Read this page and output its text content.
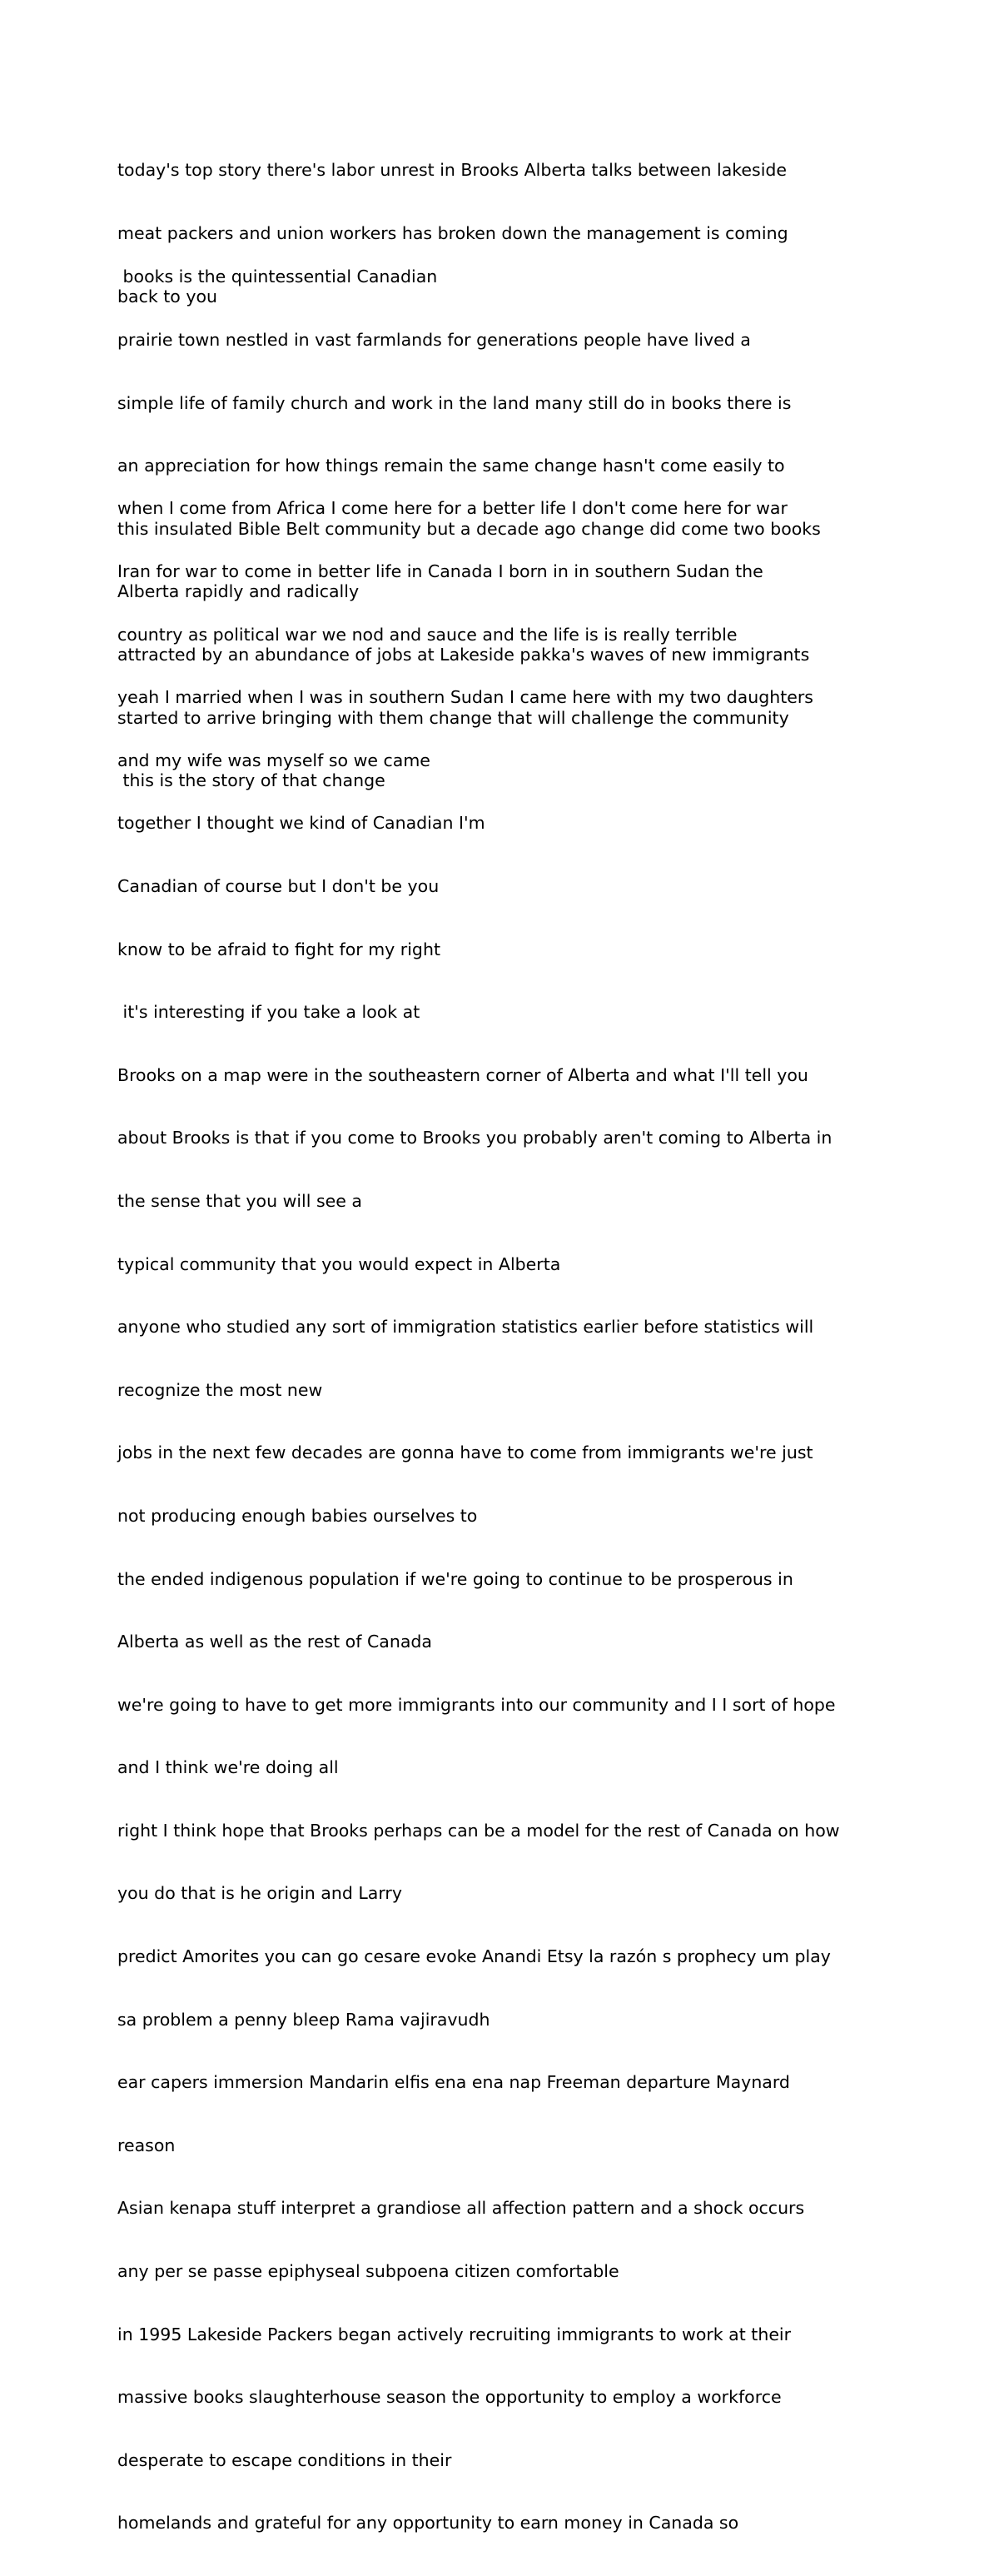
today's top story there's labor unrest in Brooks Alberta talks between lakeside

meat packers and union workers has broken down the management is coming

back to you

books is the quintessential Canadian

prairie town nestled in vast farmlands for generations people have lived a

simple life of family church and work in the land many still do in books there is

an appreciation for how things remain the same change hasn't come easily to

this insulated Bible Belt community but a decade ago change did come two books

Alberta rapidly and radically

attracted by an abundance of jobs at Lakeside pakka's waves of new immigrants

started to arrive bringing with them change that will challenge the community

this is the story of that change

when I come from Africa I come here for a better life I don't come here for war

Iran for war to come in better life in Canada I born in in southern Sudan the

country as political war we nod and sauce and the life is is really terrible

yeah I married when I was in southern Sudan I came here with my two daughters

and my wife was myself so we came

together I thought we kind of Canadian I'm

Canadian of course but I don't be you

know to be afraid to fight for my right

it's interesting if you take a look at

Brooks on a map were in the southeastern corner of Alberta and what I'll tell you

about Brooks is that if you come to Brooks you probably aren't coming to Alberta in

the sense that you will see a

typical community that you would expect in Alberta

anyone who studied any sort of immigration statistics earlier before statistics will

recognize the most new

jobs in the next few decades are gonna have to come from immigrants we're just

not producing enough babies ourselves to

the ended indigenous population if we're going to continue to be prosperous in

Alberta as well as the rest of Canada

we're going to have to get more immigrants into our community and I I sort of hope

and I think we're doing all

right I think hope that Brooks perhaps can be a model for the rest of Canada on how

you do that is he origin and Larry

predict Amorites you can go cesare evoke Anandi Etsy la razón s prophecy um play

sa problem a penny bleep Rama vajiravudh

ear capers immersion Mandarin elfis ena ena nap Freeman departure Maynard

reason

Asian kenapa stuff interpret a grandiose all affection pattern and a shock occurs

any per se passe epiphyseal subpoena citizen comfortable

in 1995 Lakeside Packers began actively recruiting immigrants to work at their

massive books slaughterhouse season the opportunity to employ a workforce

desperate to escape conditions in their

homelands and grateful for any opportunity to earn money in Canada so
